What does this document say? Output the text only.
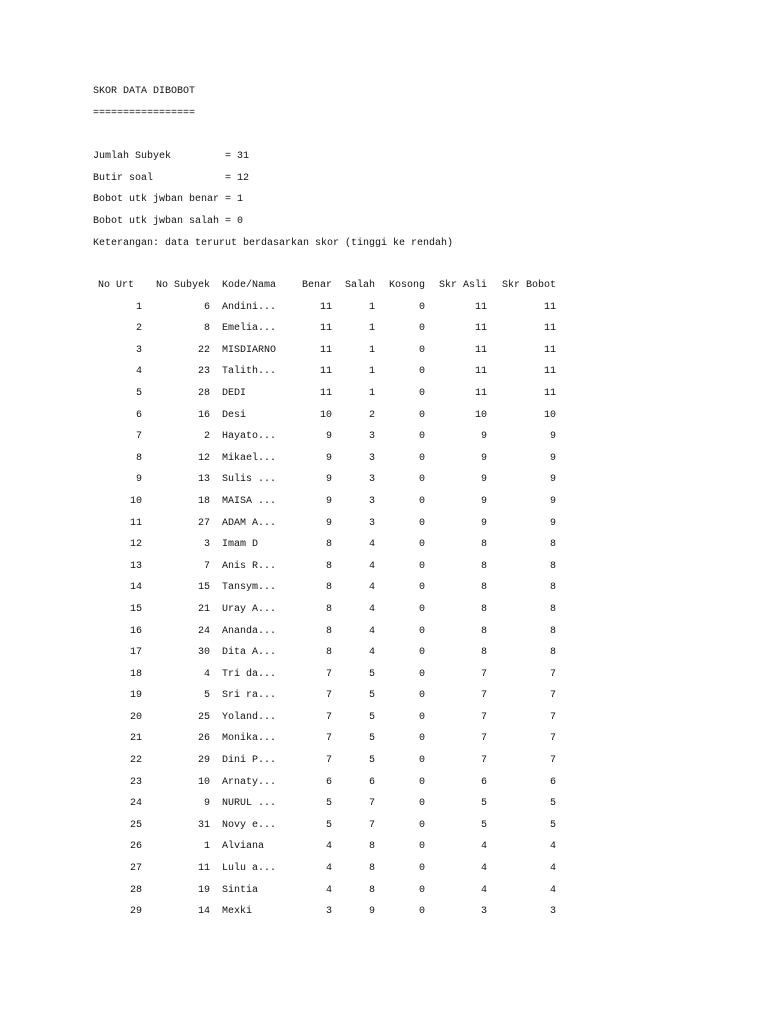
SKOR DATA DIBOBOT
=================
Jumlah Subyek         = 31
Butir soal            = 12
Bobot utk jwban benar = 1
Bobot utk jwban salah = 0
Keterangan: data terurut berdasarkan skor (tinggi ke rendah)
	No Urt	No Subyek	Kode/Nama	Benar	Salah	Kosong	Skr Asli	Skr Bobot
	1	6	Andini...	11	1	0	11	11
	2	8	Emelia...	11	1	0	11	11
	3	22	MISDIARNO	11	1	0	11	11
	4	23	Talith...	11	1	0	11	11
	5	28	DEDI	11	1	0	11	11
	6	16	Desi	10	2	0	10	10
	7	2	Hayato...	9	3	0	9	9
	8	12	Mikael...	9	3	0	9	9
	9	13	Sulis ...	9	3	0	9	9
	10	18	MAISA ...	9	3	0	9	9
	11	27	ADAM A...	9	3	0	9	9
	12	3	Imam D	8	4	0	8	8
	13	7	Anis R...	8	4	0	8	8
	14	15	Tansym...	8	4	0	8	8
	15	21	Uray A...	8	4	0	8	8
	16	24	Ananda...	8	4	0	8	8
	17	30	Dita A...	8	4	0	8	8
	18	4	Tri da...	7	5	0	7	7
	19	5	Sri ra...	7	5	0	7	7
	20	25	Yoland...	7	5	0	7	7
	21	26	Monika...	7	5	0	7	7
	22	29	Dini P...	7	5	0	7	7
	23	10	Arnaty...	6	6	0	6	6
	24	9	NURUL ...	5	7	0	5	5
	25	31	Novy e...	5	7	0	5	5
	26	1	Alviana	4	8	0	4	4
	27	11	Lulu a...	4	8	0	4	4
	28	19	Sintia	4	8	0	4	4
	29	14	Mexki	3	9	0	3	3
